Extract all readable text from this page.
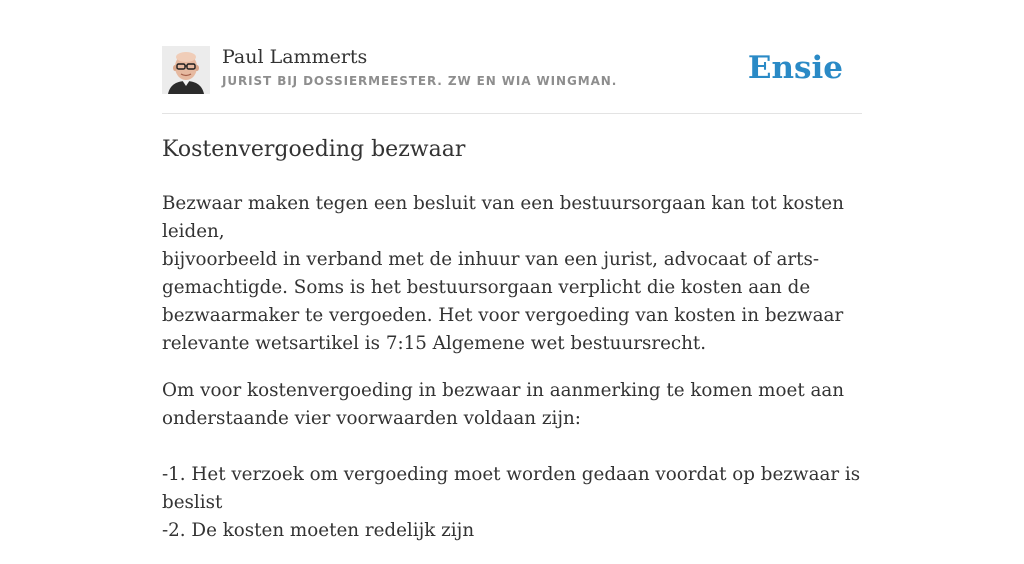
Paul Lammerts
JURIST BIJ DOSSIERMEESTER. ZW EN WIA WINGMAN.	Ensie
Kostenvergoeding bezwaar

Bezwaar maken tegen een besluit van een bestuursorgaan kan tot kosten leiden,
bijvoorbeeld in verband met de inhuur van een jurist, advocaat of arts-
gemachtigde. Soms is het bestuursorgaan verplicht die kosten aan de
bezwaarmaker te vergoeden. Het voor vergoeding van kosten in bezwaar
relevante wetsartikel is 7:15 Algemene wet bestuursrecht.

Om voor kostenvergoeding in bezwaar in aanmerking te komen moet aan
onderstaande vier voorwaarden voldaan zijn:

-1. Het verzoek om vergoeding moet worden gedaan voordat op bezwaar is
beslist
-2. De kosten moeten redelijk zijn
